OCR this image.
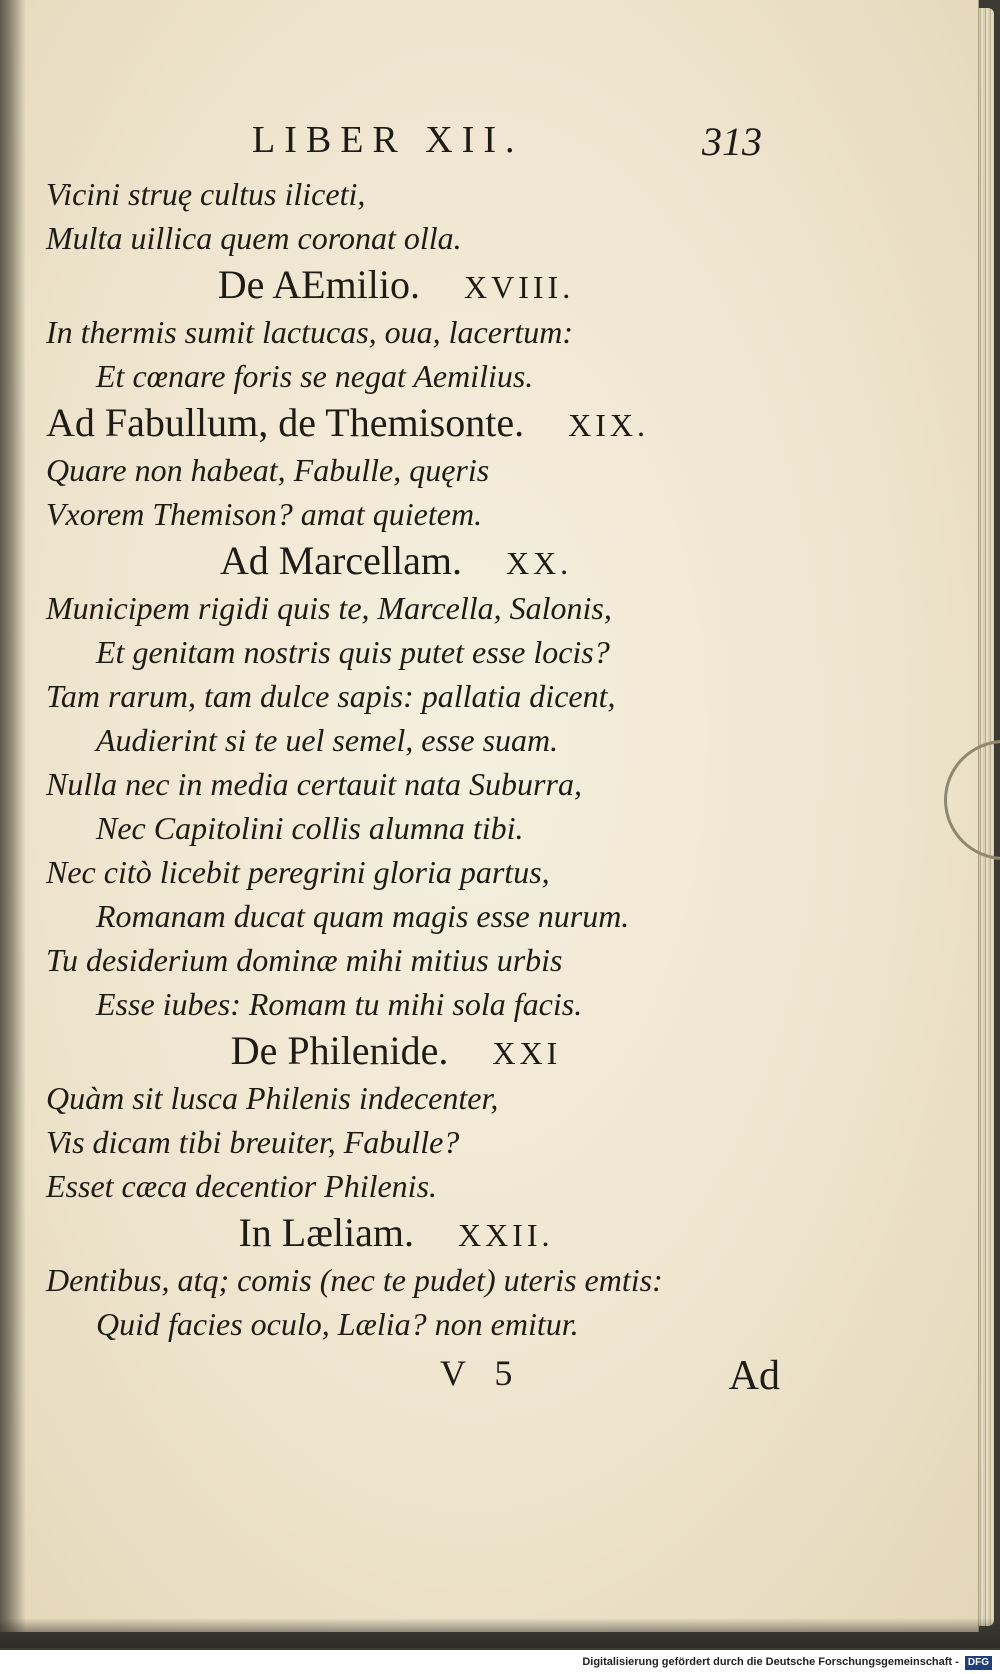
LIBER XII.	313
Vicini struę cultus iliceti,
Multa uillica quem coronat olla.
De AEmilio. XVIII.
In thermis sumit lactucas, oua, lacertum:
Et cœnare foris se negat Aemilius.
Ad Fabullum, de Themisonte. XIX.
Quare non habeat, Fabulle, quęris
Vxorem Themison? amat quietem.
Ad Marcellam. XX.
Municipem rigidi quis te, Marcella, Salonis,
Et genitam nostris quis putet esse locis?
Tam rarum, tam dulce sapis: pallatia dicent,
Audierint si te uel semel, esse suam.
Nulla nec in media certauit nata Suburra,
Nec Capitolini collis alumna tibi.
Nec citò licebit peregrini gloria partus,
Romanam ducat quam magis esse nurum.
Tu desiderium dominæ mihi mitius urbis
Esse iubes: Romam tu mihi sola facis.
De Philenide. XXI
Quàm sit lusca Philenis indecenter,
Vis dicam tibi breuiter, Fabulle?
Esset cæca decentior Philenis.
In Læliam. XXII.
Dentibus, atq; comis (nec te pudet) uteris emtis:
Quid facies oculo, Lælia? non emitur.
V 5	Ad
Digitalisierung gefördert durch die Deutsche Forschungsgemeinschaft - DFG
